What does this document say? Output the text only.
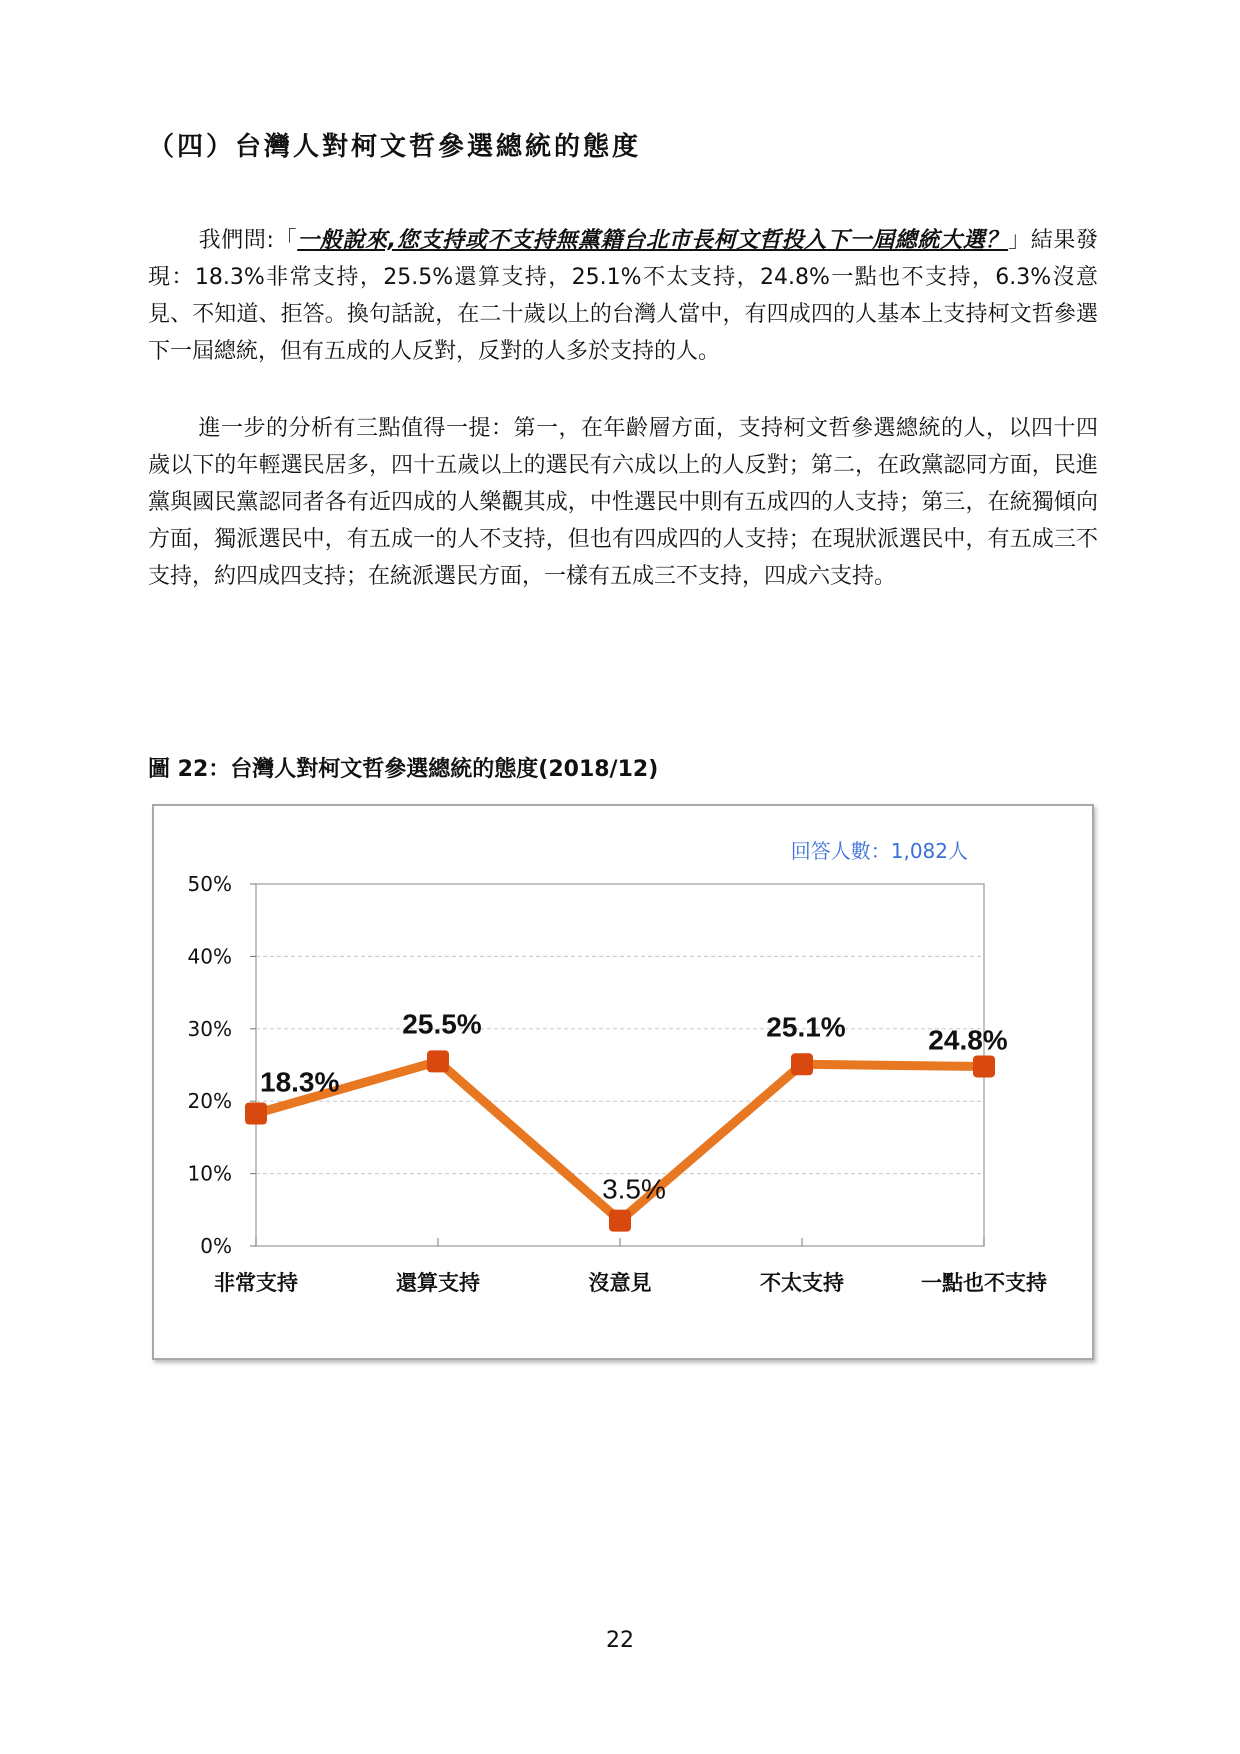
（四）台灣人對柯文哲參選總統的態度

我們問:「一般說來,您支持或不支持無黨籍台北市長柯文哲投入下一屆總統大選？」結果發現：18.3%非常支持，25.5%還算支持，25.1%不太支持，24.8%一點也不支持，6.3%沒意見、不知道、拒答。換句話說，在二十歲以上的台灣人當中，有四成四的人基本上支持柯文哲參選下一屆總統，但有五成的人反對，反對的人多於支持的人。

進一步的分析有三點值得一提：第一，在年齡層方面，支持柯文哲參選總統的人，以四十四歲以下的年輕選民居多，四十五歲以上的選民有六成以上的人反對；第二，在政黨認同方面，民進黨與國民黨認同者各有近四成的人樂觀其成，中性選民中則有五成四的人支持；第三，在統獨傾向方面，獨派選民中，有五成一的人不支持，但也有四成四的人支持；在現狀派選民中，有五成三不支持，約四成四支持；在統派選民方面，一樣有五成三不支持，四成六支持。

圖 22：台灣人對柯文哲參選總統的態度(2018/12)
0%
10%
20%
30%
40%
50%
非常支持	還算支持	沒意見	不太支持	一點也不支持
18.3%
25.5%
3.5%
25.1%	24.8%
回答人數：1,082人
22
